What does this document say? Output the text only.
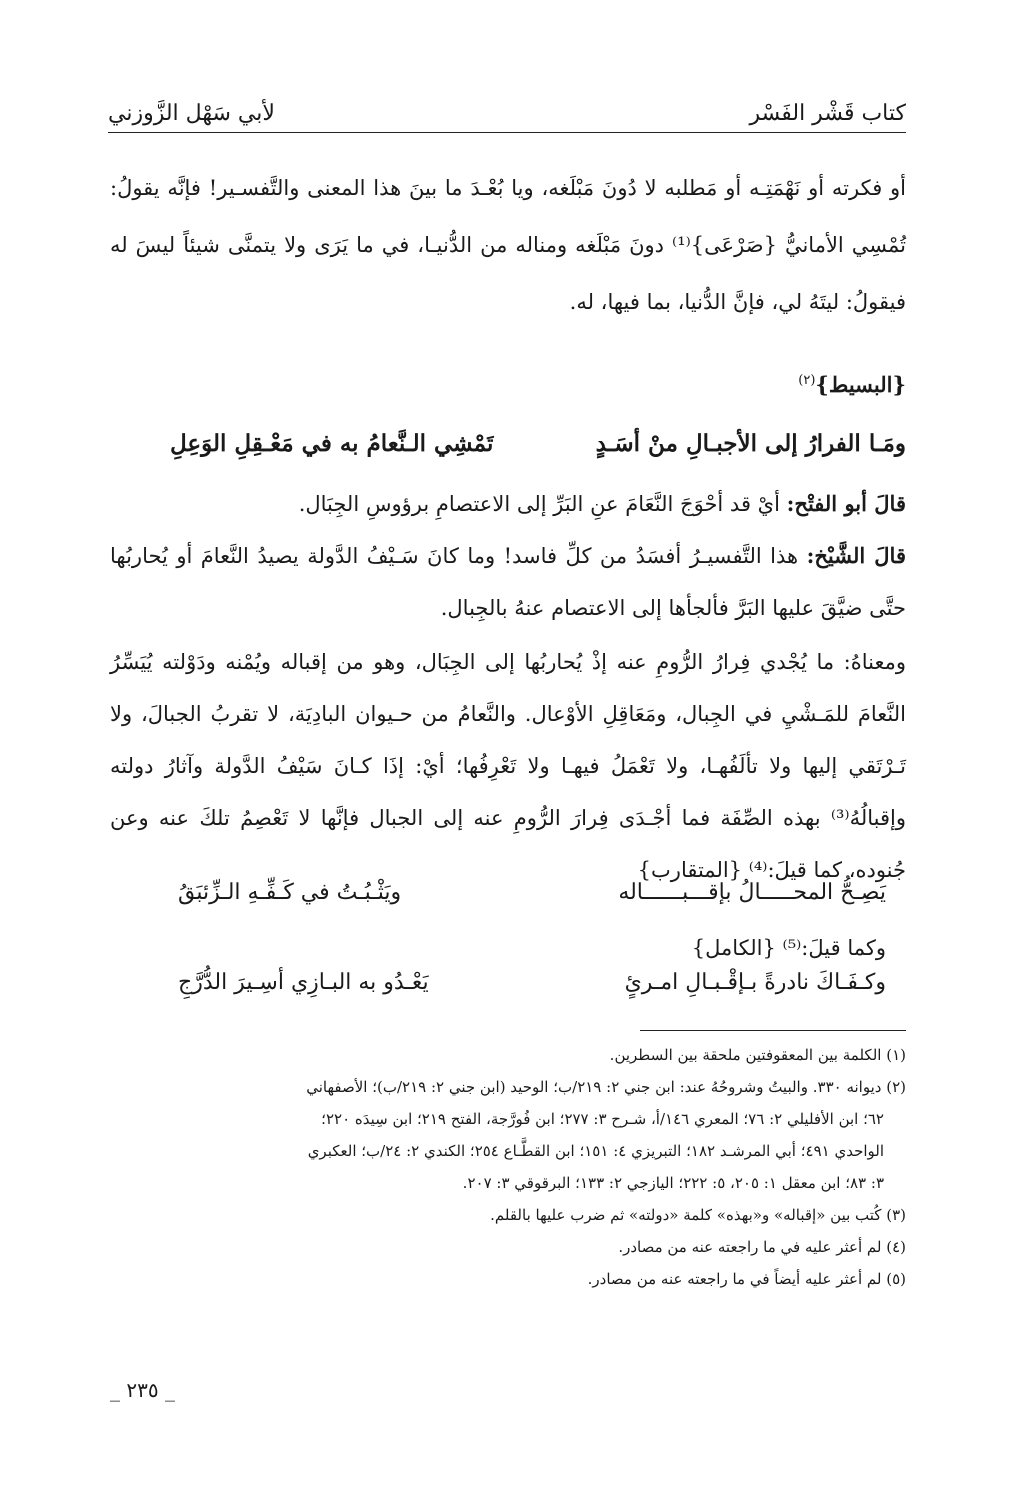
كتاب قَشْر الفَسْر
لأبي سَهْل الزَّوزني

أو فكرته أو نَهْمَتِـه أو مَطلبه لا دُونَ مَبْلَغه، ويا بُعْـدَ ما بينَ هذا المعنى والتَّفسـير! فإنَّه يقولُ: تُمْسِي الأمانيُّ {صَرْعَى}⁽¹⁾ دونَ مَبْلَغه ومناله من الدُّنيـا، في ما يَرَى ولا يتمنَّى شيئاً ليسَ له فيقولُ: ليتَهُ لي، فإنَّ الدُّنيا، بما فيها، له.

{البسيط}$^{(٢)}$
ومَـا الفرارُ إلى الأجبـالِ منْ أسَـدٍ
تَمْشِي الـنَّعامُ به في مَعْـقِلِ الوَعِلِ
قالَ أبو الفتْح: أيْ قد أحْوَجَ النَّعَامَ عنِ البَرِّ إلى الاعتصامِ برؤوسِ الجِبَال.
قالَ الشَّيْخ: هذا التَّفسيـرُ أفسَدُ من كلِّ فاسد! وما كانَ سَـيْفُ الدَّولة يصيدُ النَّعامَ أو يُحاربُها حتَّى ضيَّقَ عليها البَرَّ فألجأها إلى الاعتصام عنهُ بالجِبال.
ومعناهُ: ما يُجْدي فِرارُ الرُّومِ عنه إذْ يُحاربُها إلى الجِبَال، وهو من إقباله ويُمْنه ودَوْلته يُيَسِّرُ النَّعامَ للمَـشْيِ في الجِبال، ومَعَاقِلِ الأوْعال. والنَّعامُ من حـيوان البادِيَة، لا تقربُ الجبالَ، ولا تَـرْتَقي إليها ولا تألَفُهـا، ولا تَعْمَلُ فيهـا ولا تَعْرِفُها؛ أيْ: إذَا كـانَ سَيْفُ الدَّولة وآثارُ دولته وإقبالُهُ⁽³⁾ بهذه الصِّفَة فما أجْـدَى فِرارَ الرُّومِ عنه إلى الجبال فإنَّها لا تَعْصِمُ تلكَ عنه وعن جُنوده، كما قيلَ:⁽⁴⁾ {المتقارب}
يَصِـحُّ المحـــــالُ بإقـــبــــــاله
ويَثْـبُـتُ في كَـفِّـهِ الـزِّئبَقُ
وكما قيلَ:⁽⁵⁾ {الكامل}
وكـفَـاكَ نادرةً بـإقْـبـالِ امـرئٍ
يَعْـدُو به البـازِي أسِـيرَ الدُّرَّجِ

(١) الكلمة بين المعقوفتين ملحقة بين السطرين.

(٢) ديوانه ٣٣٠. والبيتُ وشروحُهُ عند: ابن جني ٢: ٢١٩/ب؛ الوحيد (ابن جني ٢: ٢١٩/ب)؛ الأصفهاني

٦٢؛ ابن الأفليلي ٢: ٧٦؛ المعري ١٤٦/أ، شـرح ٣: ٢٧٧؛ ابن فُورَّجة، الفتح ٢١٩؛ ابن سِيدَه ٢٢٠؛

الواحدي ٤٩١؛ أبي المرشـد ١٨٢؛ التبريزي ٤: ١٥١؛ ابن القطَّـاع ٢٥٤؛ الكندي ٢: ٢٤/ب؛ العكبري

٣: ٨٣؛ ابن معقل ١: ٢٠٥، ٥: ٢٢٢؛ اليازجي ٢: ١٣٣؛ البرقوقي ٣: ٢٠٧.

(٣) كُتب بين «إقباله» و«بهذه» كلمة «دولته» ثم ضرب عليها بالقلم.

(٤) لم أعثر عليه في ما راجعته عنه من مصادر.

(٥) لم أعثر عليه أيضاً في ما راجعته عنه من مصادر.

_ ٢٣٥ _
